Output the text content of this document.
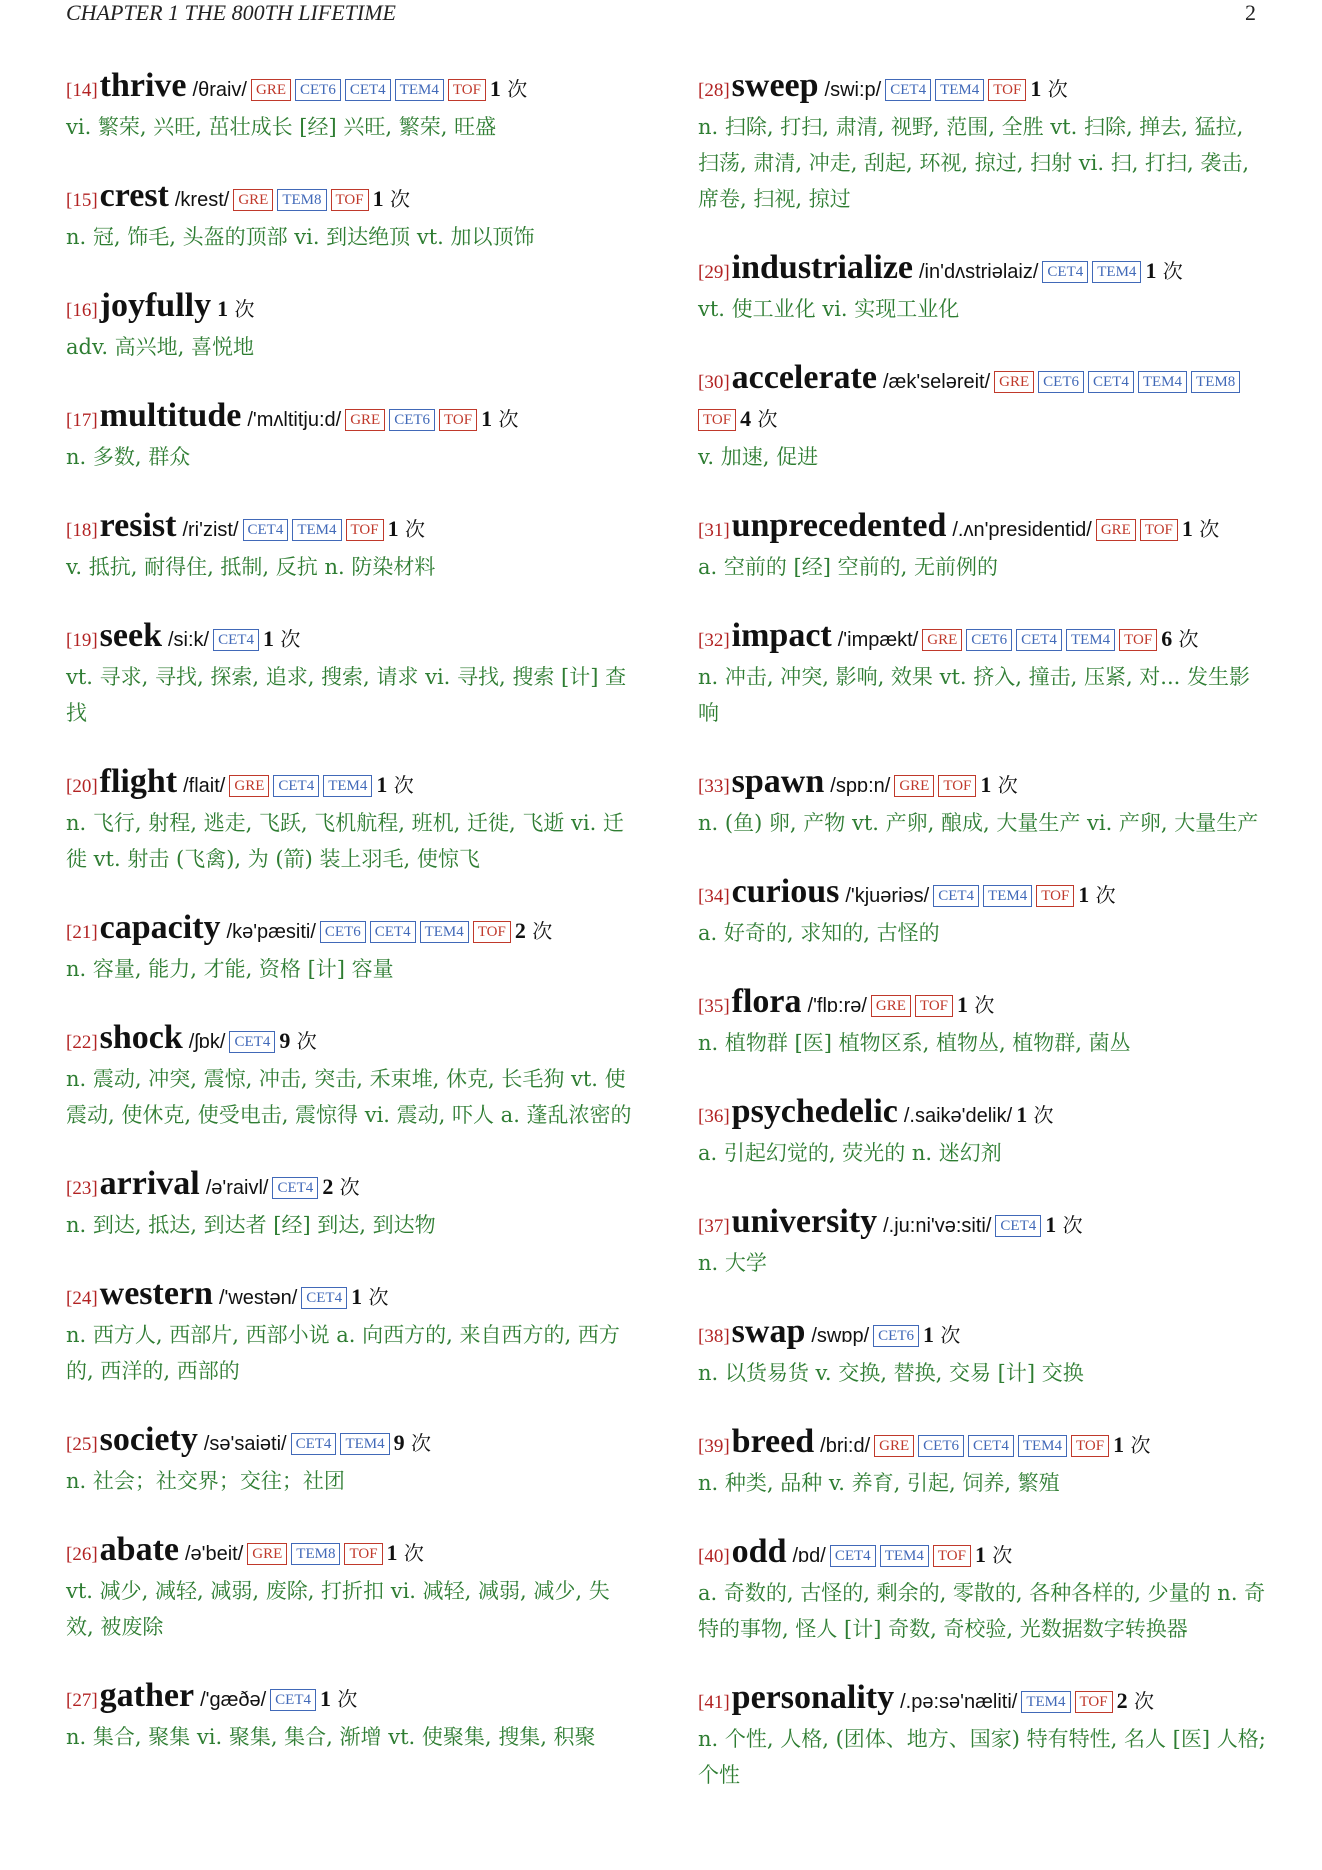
CHAPTER 1 THE 800TH LIFETIME	2
[14]thrive /θraiv/ GRE CET6 CET4 TEM4 TOF 1 次
vi. 繁荣, 兴旺, 茁壮成长 [经] 兴旺, 繁荣, 旺盛
[15]crest /krest/ GRE TEM8 TOF 1 次
n. 冠, 饰毛, 头盔的顶部 vi. 到达绝顶 vt. 加以顶饰
[16]joyfully 1 次
adv. 高兴地, 喜悦地
[17]multitude /'mʌltitju:d/ GRE CET6 TOF 1 次
n. 多数, 群众
[18]resist /ri'zist/ CET4 TEM4 TOF 1 次
v. 抵抗, 耐得住, 抵制, 反抗 n. 防染材料
[19]seek /si:k/ CET4 1 次
vt. 寻求, 寻找, 探索, 追求, 搜索, 请求 vi. 寻找, 搜索 [计] 查找
[20]flight /flait/ GRE CET4 TEM4 1 次
n. 飞行, 射程, 逃走, 飞跃, 飞机航程, 班机, 迁徙, 飞逝 vi. 迁徙 vt. 射击 (飞禽), 为 (箭) 装上羽毛, 使惊飞
[21]capacity /kə'pæsiti/ CET6 CET4 TEM4 TOF 2 次
n. 容量, 能力, 才能, 资格 [计] 容量
[22]shock /ʃɒk/ CET4 9 次
n. 震动, 冲突, 震惊, 冲击, 突击, 禾束堆, 休克, 长毛狗 vt. 使震动, 使休克, 使受电击, 震惊得 vi. 震动, 吓人 a. 蓬乱浓密的
[23]arrival /ə'raivl/ CET4 2 次
n. 到达, 抵达, 到达者 [经] 到达, 到达物
[24]western /'westən/ CET4 1 次
n. 西方人, 西部片, 西部小说 a. 向西方的, 来自西方的, 西方的, 西洋的, 西部的
[25]society /sə'saiəti/ CET4 TEM4 9 次
n. 社会；社交界；交往；社团
[26]abate /ə'beit/ GRE TEM8 TOF 1 次
vt. 减少, 减轻, 减弱, 废除, 打折扣 vi. 减轻, 减弱, 减少, 失效, 被废除
[27]gather /'gæðə/ CET4 1 次
n. 集合, 聚集 vi. 聚集, 集合, 渐增 vt. 使聚集, 搜集, 积聚
[28]sweep /swi:p/ CET4 TEM4 TOF 1 次
n. 扫除, 打扫, 肃清, 视野, 范围, 全胜 vt. 扫除, 掸去, 猛拉, 扫荡, 肃清, 冲走, 刮起, 环视, 掠过, 扫射 vi. 扫, 打扫, 袭击, 席卷, 扫视, 掠过
[29]industrialize /in'dʌstriəlaiz/ CET4 TEM4 1 次
vt. 使工业化 vi. 实现工业化
[30]accelerate /æk'seləreit/ GRE CET6 CET4 TEM4 TEM8TOF 4 次
v. 加速, 促进
[31]unprecedented /.ʌn'presidentid/ GRE TOF 1 次
a. 空前的 [经] 空前的, 无前例的
[32]impact /'impækt/ GRE CET6 CET4 TEM4 TOF 6 次
n. 冲击, 冲突, 影响, 效果 vt. 挤入, 撞击, 压紧, 对... 发生影响
[33]spawn /spɒ:n/ GRE TOF 1 次
n. (鱼) 卵, 产物 vt. 产卵, 酿成, 大量生产 vi. 产卵, 大量生产
[34]curious /'kjuəriəs/ CET4 TEM4 TOF 1 次
a. 好奇的, 求知的, 古怪的
[35]flora /'flɒ:rə/ GRE TOF 1 次
n. 植物群 [医] 植物区系, 植物丛, 植物群, 菌丛
[36]psychedelic /.saikə'delik/ 1 次
a. 引起幻觉的, 荧光的 n. 迷幻剂
[37]university /.ju:ni'və:siti/ CET4 1 次
n. 大学
[38]swap /swɒp/ CET6 1 次
n. 以货易货 v. 交换, 替换, 交易 [计] 交换
[39]breed /bri:d/ GRE CET6 CET4 TEM4 TOF 1 次
n. 种类, 品种 v. 养育, 引起, 饲养, 繁殖
[40]odd /ɒd/ CET4 TEM4 TOF 1 次
a. 奇数的, 古怪的, 剩余的, 零散的, 各种各样的, 少量的 n. 奇特的事物, 怪人 [计] 奇数, 奇校验, 光数据数字转换器
[41]personality /.pə:sə'næliti/ TEM4 TOF 2 次
n. 个性, 人格, (团体、地方、国家) 特有特性, 名人 [医] 人格; 个性
